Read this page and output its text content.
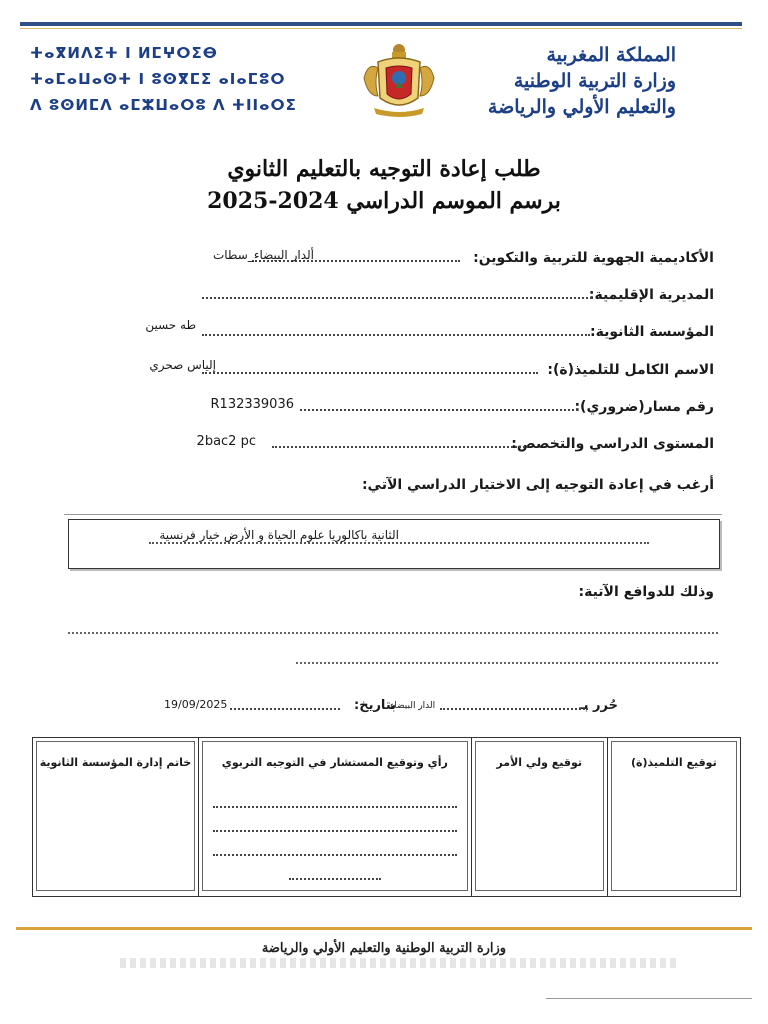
ⵜⴰⴳⵍⴷⵉⵜ ⵏ ⵍⵎⵖⵔⵉⴱ
ⵜⴰⵎⴰⵡⴰⵙⵜ ⵏ ⵓⵙⴳⵎⵉ ⴰⵏⴰⵎⵓⵔ
ⴷ ⵓⵙⵍⵎⴷ ⴰⵎⵣⵡⴰⵔⵓ ⴷ ⵜⵏⵏⴰⵔⵉ
المملكة المغربية
وزارة التربية الوطنية
والتعليم الأولي والرياضة
طلب إعادة التوجيه بالتعليم الثانوي
برسم الموسم الدراسي 2024-2025
الأكاديمية الجهوية للتربية والتكوين:
ألدار البيضاء_سطات
المديرية الإقليمية:
المؤسسة الثانوية:
طه حسين
الاسم الكامل للتلميذ(ة):
إلياس صحري
رقم مسار(ضروري):
R132339036
المستوى الدراسي والتخصص:
2bac2 pc
أرغب في إعادة التوجيه إلى الاختيار الدراسي الآتي:
الثانية باكالوريا علوم الحياة و الأرض خيار فرنسية
وذلك للدوافع الآتية:
حُرر بـ
الدار البيضاء
بتاريخ:
19/09/2025
خاتم إدارة المؤسسة الثانوية	رأي وتوقيع المستشار في التوجيه التربوي	توقيع ولي الأمر	توقيع التلميذ(ة)
وزارة التربية الوطنية والتعليم الأولي والرياضة
